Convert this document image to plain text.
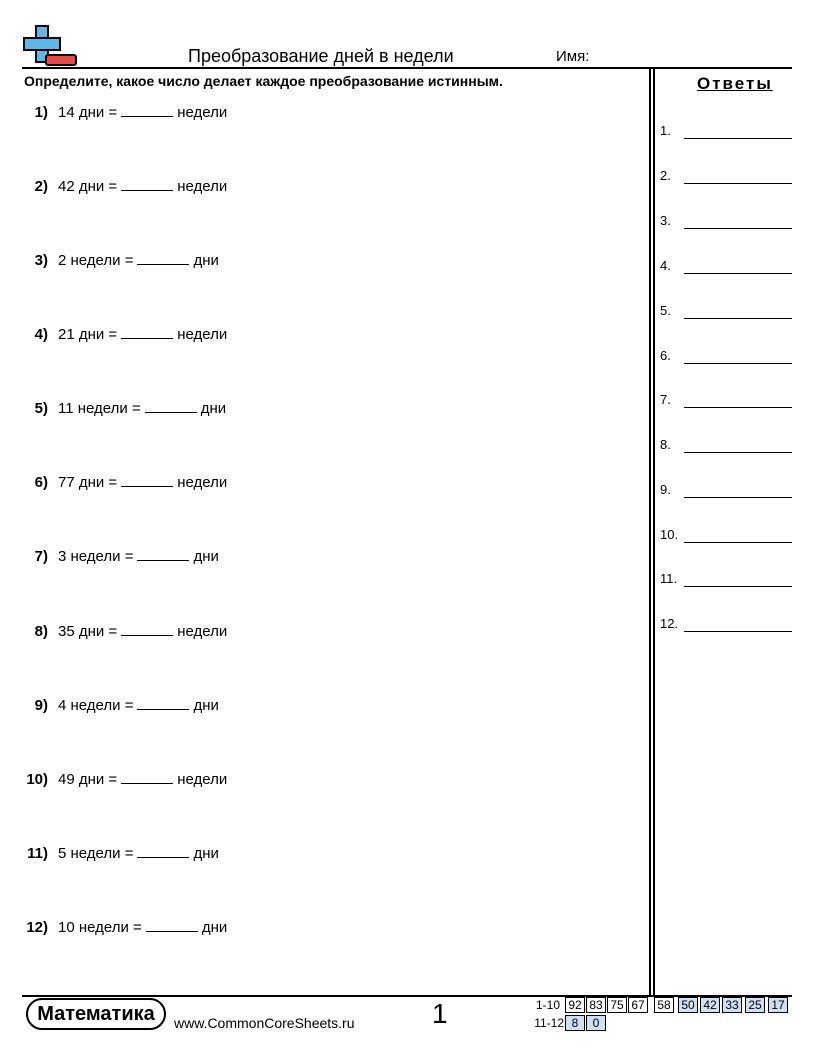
Преобразование дней в недели	Имя:
Определите, какое число делает каждое преобразование истинным.	Ответы
1) 14 дни =	недели
2) 42 дни =	недели
3) 2 недели =	дни
4) 21 дни =	недели
5) 11 недели =	дни
6) 77 дни =	недели
7) 3 недели =	дни
8) 35 дни =	недели
9) 4 недели =	дни
10) 49 дни =	недели
11) 5 недели =	дни
12) 10 недели =	дни
1.
2.
3.
4.
5.
6.
7.
8.
9.
10.
11.
12.
Математика	www.CommonCoreSheets.ru	1	1-10 92 83 75 67 58 50 42 33 25 17
11-12 8	0
